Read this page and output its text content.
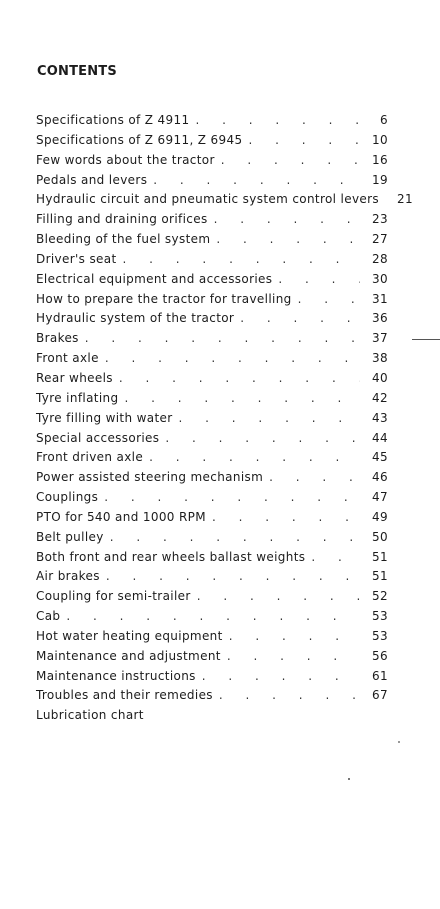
CONTENTS
Specifications of Z 4911 . . .	6
Specifications of Z 6911, Z 6945 . . .	10
Few words about the tractor . . .	16
Pedals and levers . . .	19
Hydraulic circuit and pneumatic system control levers . . .	21
Filling and draining orifices . . .	23
Bleeding of the fuel system . . .	27
Driver's seat . . .	28
Electrical equipment and accessories . . .	30
How to prepare the tractor for travelling . . .	31
Hydraulic system of the tractor . . .	36
Brakes . . .	37
Front axle . . .	38
Rear wheels . . .	40
Tyre inflating . . .	42
Tyre filling with water . . .	43
Special accessories . . .	44
Front driven axle . . .	45
Power assisted steering mechanism . . .	46
Couplings . . .	47
PTO for 540 and 1000 RPM . . .	49
Belt pulley . . .	50
Both front and rear wheels ballast weights . . .	51
Air brakes . . .	51
Coupling for semi-trailer . . .	52
Cab . . .	53
Hot water heating equipment . . .	53
Maintenance and adjustment . . .	56
Maintenance instructions . . .	61
Troubles and their remedies . . .	67
Lubrication chart
